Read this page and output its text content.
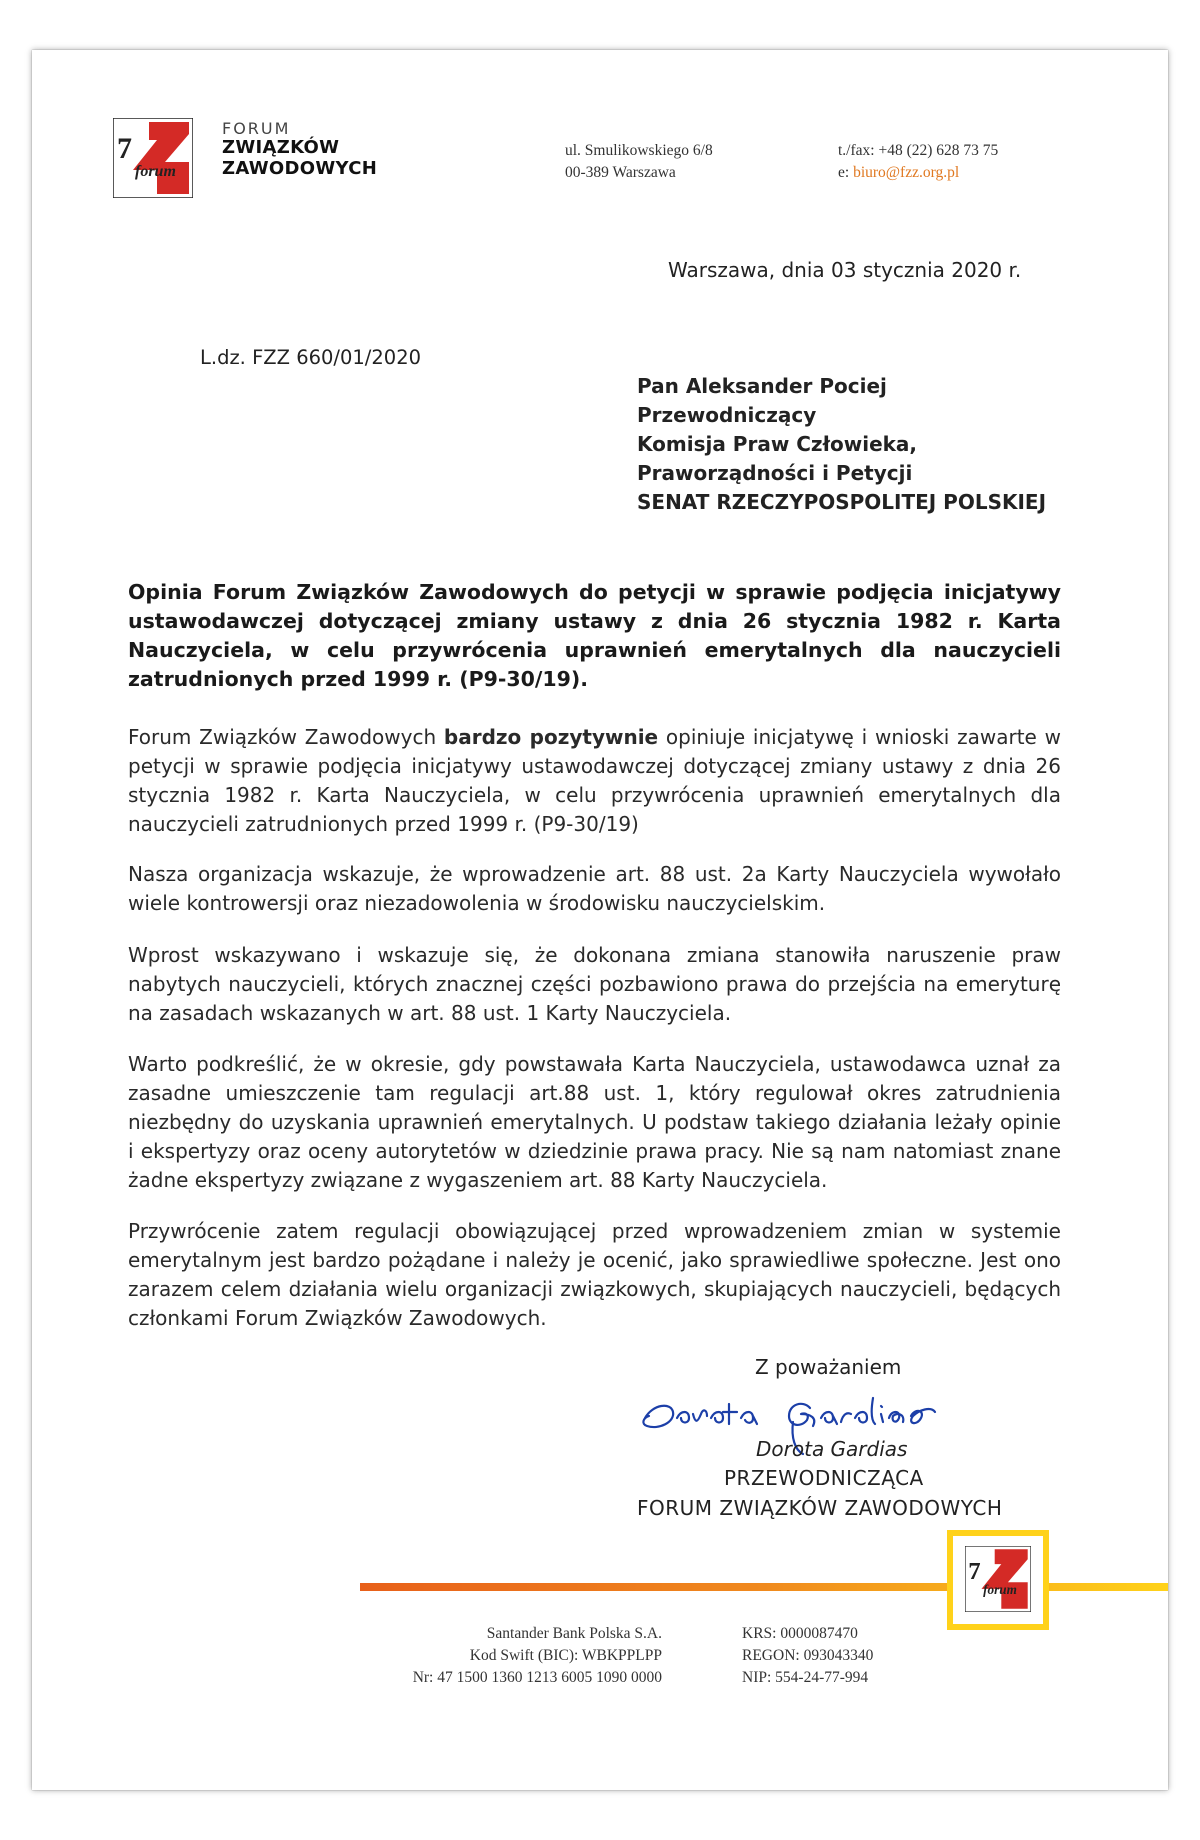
7
forum
FORUM
ZWIĄZKÓW
ZAWODOWYCH
ul. Smulikowskiego 6/8
00-389 Warszawa
t./fax: +48 (22) 628 73 75
e: biuro@fzz.org.pl
Warszawa, dnia 03 stycznia 2020 r.
L.dz. FZZ 660/01/2020
Pan Aleksander Pociej
Przewodniczący
Komisja Praw Człowieka,
Praworządności i Petycji
SENAT RZECZYPOSPOLITEJ POLSKIEJ
Opinia Forum Związków Zawodowych do petycji w sprawie podjęcia inicjatywy ustawodawczej dotyczącej zmiany ustawy z dnia 26 stycznia 1982 r. Karta Nauczyciela, w celu przywrócenia uprawnień emerytalnych dla nauczycieli zatrudnionych przed 1999 r. (P9-30/19).
Forum Związków Zawodowych bardzo pozytywnie opiniuje inicjatywę i wnioski zawarte w petycji w sprawie podjęcia inicjatywy ustawodawczej dotyczącej zmiany ustawy z dnia 26 stycznia 1982 r. Karta Nauczyciela, w celu przywrócenia uprawnień emerytalnych dla nauczycieli zatrudnionych przed 1999 r. (P9-30/19)
Nasza organizacja wskazuje, że wprowadzenie art. 88 ust. 2a Karty Nauczyciela wywołało wiele kontrowersji oraz niezadowolenia w środowisku nauczycielskim.
Wprost wskazywano i wskazuje się, że dokonana zmiana stanowiła naruszenie praw nabytych nauczycieli, których znacznej części pozbawiono prawa do przejścia na emeryturę na zasadach wskazanych w art. 88 ust. 1 Karty Nauczyciela.
Warto podkreślić, że w okresie, gdy powstawała Karta Nauczyciela, ustawodawca uznał za zasadne umieszczenie tam regulacji art.88 ust. 1, który regulował okres zatrudnienia niezbędny do uzyskania uprawnień emerytalnych. U podstaw takiego działania leżały opinie i ekspertyzy oraz oceny autorytetów w dziedzinie prawa pracy. Nie są nam natomiast znane żadne ekspertyzy związane z wygaszeniem art. 88 Karty Nauczyciela.
Przywrócenie zatem regulacji obowiązującej przed wprowadzeniem zmian w systemie emerytalnym jest bardzo pożądane i należy je ocenić, jako sprawiedliwe społeczne. Jest ono zarazem celem działania wielu organizacji związkowych, skupiających nauczycieli, będących członkami Forum Związków Zawodowych.
Z poważaniem
Dorota Gardias
PRZEWODNICZĄCA
FORUM ZWIĄZKÓW ZAWODOWYCH
7
forum
Santander Bank Polska S.A.
Kod Swift (BIC): WBKPPLPP
Nr: 47 1500 1360 1213 6005 1090 0000
KRS: 0000087470
REGON: 093043340
NIP: 554-24-77-994
